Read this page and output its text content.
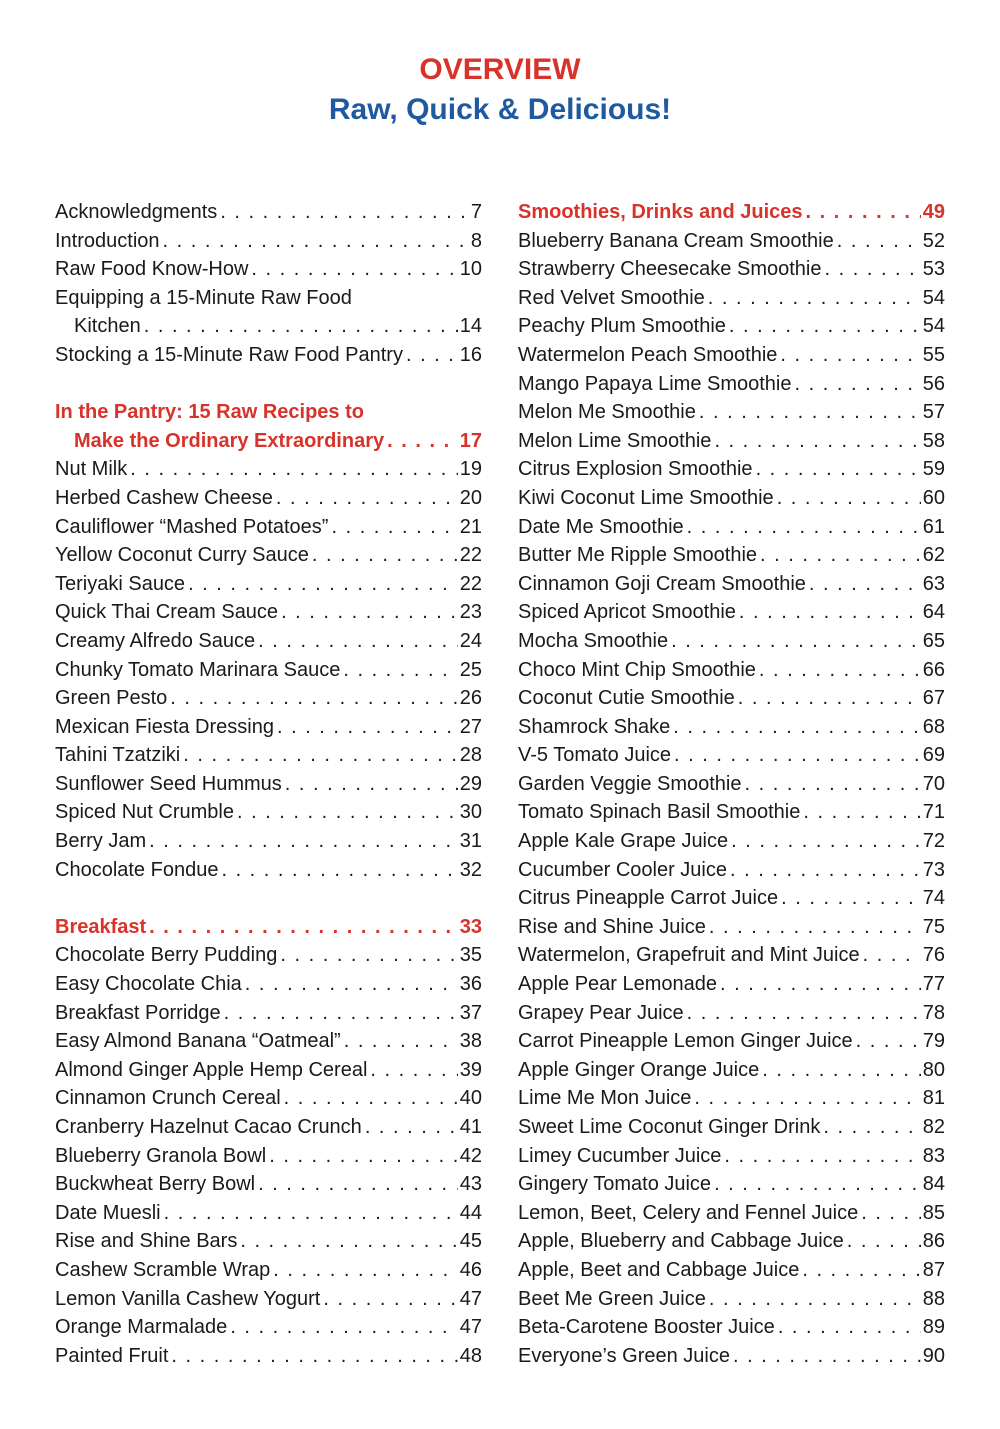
OVERVIEW
Raw, Quick & Delicious!
Acknowledgments . . .	7
Introduction . . .	8
Raw Food Know-How . . .	10
Equipping a 15-Minute Raw Food
Kitchen . . .	14
Stocking a 15-Minute Raw Food Pantry . . .	16
In the Pantry: 15 Raw Recipes to
Make the Ordinary Extraordinary . . .	17
Nut Milk . . .	19
Herbed Cashew Cheese . . .	20
Cauliflower “Mashed Potatoes” . . .	21
Yellow Coconut Curry Sauce . . .	22
Teriyaki Sauce . . .	22
Quick Thai Cream Sauce . . .	23
Creamy Alfredo Sauce . . .	24
Chunky Tomato Marinara Sauce . . .	25
Green Pesto . . .	26
Mexican Fiesta Dressing . . .	27
Tahini Tzatziki . . .	28
Sunflower Seed Hummus . . .	29
Spiced Nut Crumble . . .	30
Berry Jam . . .	31
Chocolate Fondue . . .	32
Breakfast . . .	33
Chocolate Berry Pudding . . .	35
Easy Chocolate Chia . . .	36
Breakfast Porridge . . .	37
Easy Almond Banana “Oatmeal” . . .	38
Almond Ginger Apple Hemp Cereal . . .	39
Cinnamon Crunch Cereal . . .	40
Cranberry Hazelnut Cacao Crunch . . .	41
Blueberry Granola Bowl . . .	42
Buckwheat Berry Bowl . . .	43
Date Muesli . . .	44
Rise and Shine Bars . . .	45
Cashew Scramble Wrap . . .	46
Lemon Vanilla Cashew Yogurt . . .	47
Orange Marmalade . . .	47
Painted Fruit . . .	48
Smoothies, Drinks and Juices . . .	49
Blueberry Banana Cream Smoothie . . .	52
Strawberry Cheesecake Smoothie . . .	53
Red Velvet Smoothie . . .	54
Peachy Plum Smoothie . . .	54
Watermelon Peach Smoothie . . .	55
Mango Papaya Lime Smoothie . . .	56
Melon Me Smoothie . . .	57
Melon Lime Smoothie . . .	58
Citrus Explosion Smoothie . . .	59
Kiwi Coconut Lime Smoothie . . .	60
Date Me Smoothie . . .	61
Butter Me Ripple Smoothie . . .	62
Cinnamon Goji Cream Smoothie . . .	63
Spiced Apricot Smoothie . . .	64
Mocha Smoothie . . .	65
Choco Mint Chip Smoothie . . .	66
Coconut Cutie Smoothie . . .	67
Shamrock Shake . . .	68
V-5 Tomato Juice . . .	69
Garden Veggie Smoothie . . .	70
Tomato Spinach Basil Smoothie . . .	71
Apple Kale Grape Juice . . .	72
Cucumber Cooler Juice . . .	73
Citrus Pineapple Carrot Juice . . .	74
Rise and Shine Juice . . .	75
Watermelon, Grapefruit and Mint Juice . . .	76
Apple Pear Lemonade . . .	77
Grapey Pear Juice . . .	78
Carrot Pineapple Lemon Ginger Juice . . .	79
Apple Ginger Orange Juice . . .	80
Lime Me Mon Juice . . .	81
Sweet Lime Coconut Ginger Drink . . .	82
Limey Cucumber Juice . . .	83
Gingery Tomato Juice . . .	84
Lemon, Beet, Celery and Fennel Juice . . .	85
Apple, Blueberry and Cabbage Juice . . .	86
Apple, Beet and Cabbage Juice . . .	87
Beet Me Green Juice . . .	88
Beta-Carotene Booster Juice . . .	89
Everyone’s Green Juice . . .	90
